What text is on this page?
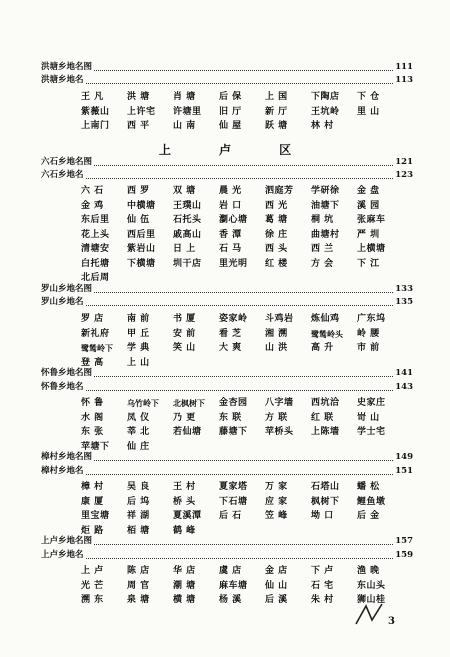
洪塘乡地名图	111
洪塘乡地名	113
王 凡	洪 塘	肖 塘	后 保	上 国	下陶店	下 仓
紫薇山	上许宅	许塘里	旧 厅	新 厅	王坑岭	里 山
上南门	西 平	山 南	仙 屋	跃 塘	林 村
上 卢 区
六石乡地名图	121
六石乡地名	123
六 石	西 罗	双 塘	晨 光	泗庭芳	学研徐	金 盘
金 鸡	中横塘	王璞山	岩 口	西 光	油塘下	溪 园
东后里	仙 伍	石托头	瀏心塘	葛 塘	桐 坑	张麻车
花上头	西后里	戚高山	香 潭	徐 庄	曲塘村	严 圳
清塘安	紫岩山	日 上	石 马	西 头	西 兰	上横塘
白托塘	下横塘	圳干店	里光明	红 楼	方 会	下 江
北后周
罗山乡地名图	133
罗山乡地名	135
罗 店	南 前	书 厦	姿家岭	斗鸡岩	炼仙鸡	广东坞
新礼府	甲 丘	安 前	看 芝	湘 溯	鹭鸶岭头	岭 腰
鹭鸶岭下	学 典	笑 山	大 爽	山 洪	高 升	市 前
登 高	上 山
怀鲁乡地名图	141
怀鲁乡地名	143
怀 鲁	乌竹岭下	北枫树下	金杏园	八字墙	西坑洽	史家庄
水 阁	凤 仪	乃 更	东 联	方 联	红 联	岢 山
东 张	莘 北	若仙塘	藤塘下	苹桥头	上陈墙	学士宅
苹塘下	仙 庄
樟村乡地名图	149
樟村乡地名	151
樟 村	吴 良	王 村	夏家塔	万 家	石塔山	蟠 松
康 厦	后 坞	桥 头	下石塘	应 家	枫树下	鲤鱼墩
里宝塘	祥 湖	夏溪潭	后 石	笠 峰	坳 口	后 金
炬 路	栢 塘	鹤 峰
上卢乡地名图	157
上卢乡地名	159
上 卢	陈 店	华 店	虞 店	金 店	下 卢	渔 晚
光 芒	周 官	潮 塘	麻车塘	仙 山	石 宅	东山头
溯 东	泉 塘	横 塘	杨 溪	后 溪	朱 村	狮山桂
3
